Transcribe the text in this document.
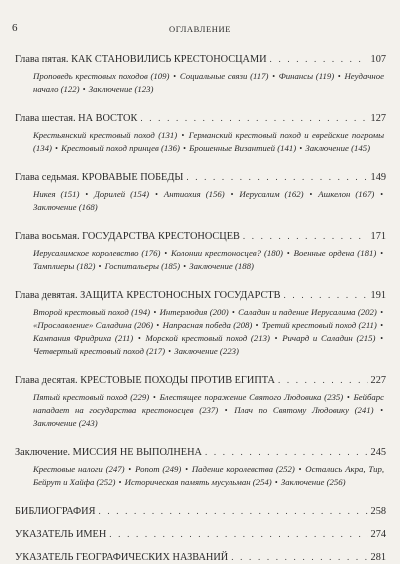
6	ОГЛАВЛЕНИЕ
Глава пятая. КАК СТАНОВИЛИСЬ КРЕСТОНОСЦАМИ . . .	107
Проповедь крестовых походов (109) • Социальные связи (117) • Финансы (119) • Неудачное начало (122) • Заключение (123)
Глава шестая. НА ВОСТОК . . .	127
Крестьянский крестовый поход (131) • Германский крестовый поход и еврейские погромы (134) • Крестовый поход принцев (136) • Брошенные Византией (141) • Заключение (145)
Глава седьмая. КРОВАВЫЕ ПОБЕДЫ . . .	149
Никея (151) • Дорилей (154) • Антиохия (156) • Иерусалим (162) • Ашкелон (167) • Заключение (168)
Глава восьмая. ГОСУДАРСТВА КРЕСТОНОСЦЕВ . . .	171
Иерусалимское королевство (176) • Колонии крестоносцев? (180) • Военные ордена (181) • Тамплиеры (182) • Госпитальеры (185) • Заключение (188)
Глава девятая. ЗАЩИТА КРЕСТОНОСНЫХ ГОСУДАРСТВ . . .	191
Второй крестовый поход (194) • Интерлюдия (200) • Саладин и падение Иерусалима (202) • «Прославление» Саладина (206) • Напрасная победа (208) • Третий крестовый поход (211) • Кампания Фридриха (211) • Морской крестовый поход (213) • Ричард и Саладин (215) • Четвертый крестовый поход (217) • Заключение (223)
Глава десятая. КРЕСТОВЫЕ ПОХОДЫ ПРОТИВ ЕГИПТА . . .	227
Пятый крестовый поход (229) • Блестящее поражение Святого Людовика (235) • Бейбарс нападает на государства крестоносцев (237) • Плач по Святому Людовику (241) • Заключение (243)
Заключение. МИССИЯ НЕ ВЫПОЛНЕНА . . .	245
Крестовые налоги (247) • Ропот (249) • Падение королевства (252) • Остались Акра, Тир, Бейрут и Хайфа (252) • Историческая память мусульман (254) • Заключение (256)
БИБЛИОГРАФИЯ . . .	258
УКАЗАТЕЛЬ ИМЕН . . .	274
УКАЗАТЕЛЬ ГЕОГРАФИЧЕСКИХ НАЗВАНИЙ . . .	281
